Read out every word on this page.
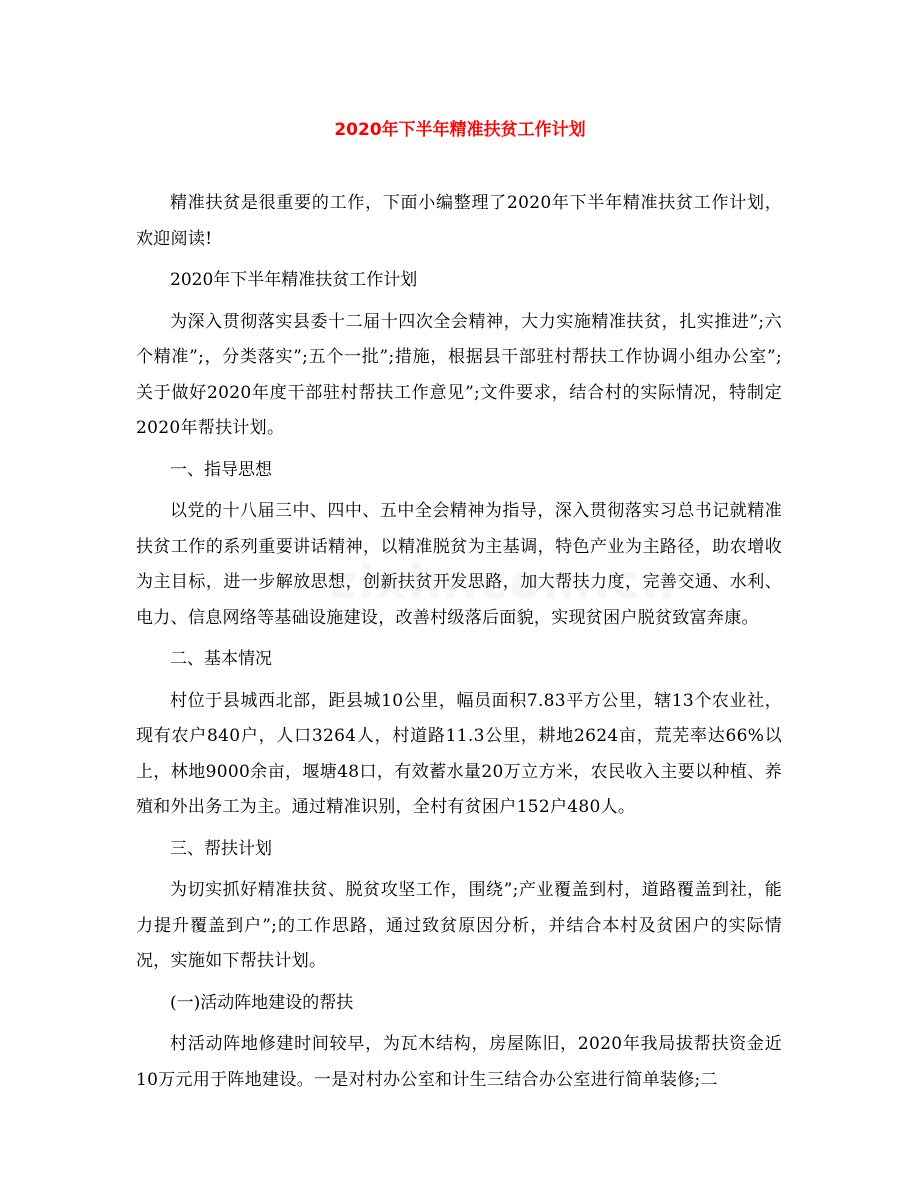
2020年下半年精准扶贫工作计划

精准扶贫是很重要的工作，下面小编整理了2020年下半年精准扶贫工作计划，欢迎阅读!

2020年下半年精准扶贫工作计划

为深入贯彻落实县委十二届十四次全会精神，大力实施精准扶贫，扎实推进”;六个精准”;，分类落实”;五个一批”;措施，根据县干部驻村帮扶工作协调小组办公室”;关于做好2020年度干部驻村帮扶工作意见”;文件要求，结合村的实际情况，特制定2020年帮扶计划。

一、指导思想

以党的十八届三中、四中、五中全会精神为指导，深入贯彻落实习总书记就精准扶贫工作的系列重要讲话精神，以精准脱贫为主基调，特色产业为主路径，助农增收为主目标，进一步解放思想，创新扶贫开发思路，加大帮扶力度，完善交通、水利、电力、信息网络等基础设施建设，改善村级落后面貌，实现贫困户脱贫致富奔康。

二、基本情况

村位于县城西北部，距县城10公里，幅员面积7.83平方公里，辖13个农业社，现有农户840户，人口3264人，村道路11.3公里，耕地2624亩，荒芜率达66%以上，林地9000余亩，堰塘48口，有效蓄水量20万立方米，农民收入主要以种植、养殖和外出务工为主。通过精准识别，全村有贫困户152户480人。

三、帮扶计划

为切实抓好精准扶贫、脱贫攻坚工作，围绕”;产业覆盖到村，道路覆盖到社，能力提升覆盖到户”;的工作思路，通过致贫原因分析，并结合本村及贫困户的实际情况，实施如下帮扶计划。

(一)活动阵地建设的帮扶

村活动阵地修建时间较早，为瓦木结构，房屋陈旧，2020年我局拔帮扶资金近10万元用于阵地建设。一是对村办公室和计生三结合办公室进行简单装修;二
